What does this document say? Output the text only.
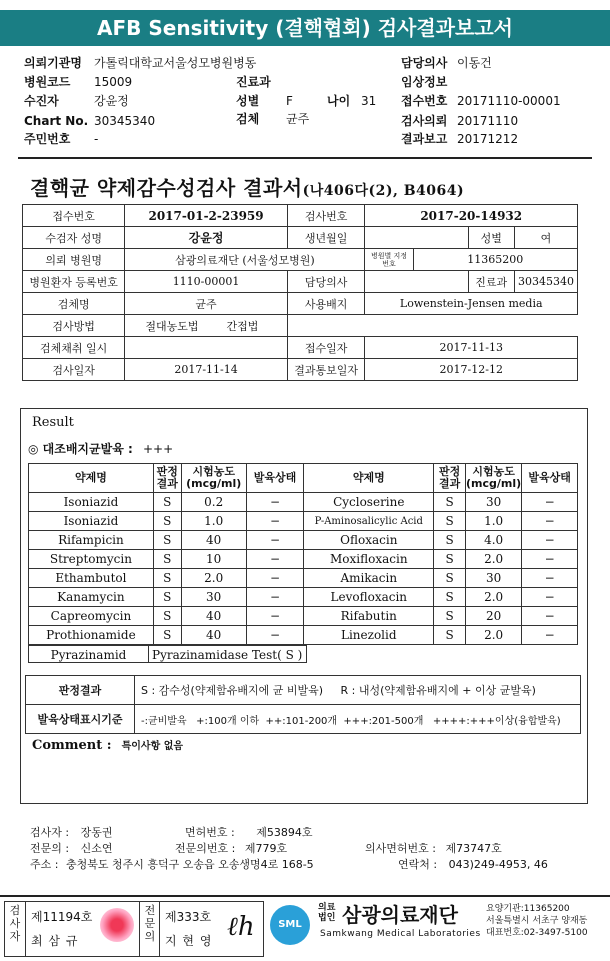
AFB Sensitivity (결핵협회) 검사결과보고서
의뢰기관명 가톨릭대학교서울성모병원병동	담당의사 이동건
병원코드 15009	진료과	임상정보
수진자	강윤정	성별 F	나이 31 접수번호 20171110-00001
Chart No. 30345340	검체 균주	검사의뢰 20171110
주민번호 -	결과보고 20171212
결핵균 약제감수성검사 결과서(나406다(2), B4064)
접수번호	2017-01-2-23959	검사번호	2017-20-14932			
수검자 성명	강윤정	생년월일			성별	여
의뢰 병원명	삼광의료재단 (서울성모병원)		병원별 지정번호	11365200		
병원환자 등록번호	1110-00001	담당의사			진료과	30345340
검체명	균주	사용배지	Lowenstein-Jensen media			
검사방법	절대농도법 간접법					
검체채취 일시		접수일자	2017-11-13			
검사일자	2017-11-14	결과통보일자	2017-12-12			
Result
◎ 대조배지균발육 : +++
약제명	판정결과	시험농도(mcg/ml)	발육상태	약제명	판정결과	시험농도(mcg/ml)	발육상태
Isoniazid	S	0.2	−	Cycloserine	S	30	−
Isoniazid	S	1.0	−	P-Aminosalicylic Acid	S	1.0	−
Rifampicin	S	40	−	Ofloxacin	S	4.0	−
Streptomycin	S	10	−	Moxifloxacin	S	2.0	−
Ethambutol	S	2.0	−	Amikacin	S	30	−
Kanamycin	S	30	−	Levofloxacin	S	2.0	−
Capreomycin	S	40	−	Rifabutin	S	20	−
Prothionamide	S	40	−	Linezolid	S	2.0	−
Pyrazinamid	Pyrazinamidase Test( S )
판정결과	S : 감수성(약제함유배지에 균 비발육)     R : 내성(약제함유배지에 + 이상 균발육)
발육상태표시기준	-:균비발육   +:100개 이하  ++:101-200개  +++:201-500개   ++++:+++이상(융합발육)
Comment : 특이사항 없음
검사자 : 장동권	면허번호 : 제53894호
전문의 : 신소연	전문의번호 : 제779호	의사면허번호 : 제73747호
주소 : 충청북도 청주시 흥덕구 오송읍 오송생명4로 168-5	연락처 : 043)249-4953, 46
검사자
제11194호
최 삼 규
전문의
제333호
지 현 영 ℓh	SML
의료법인 삼광의료재단
Samkwang Medical Laboratories
요양기관:11365200
서울특별시 서초구 양재동
대표번호:02-3497-5100
